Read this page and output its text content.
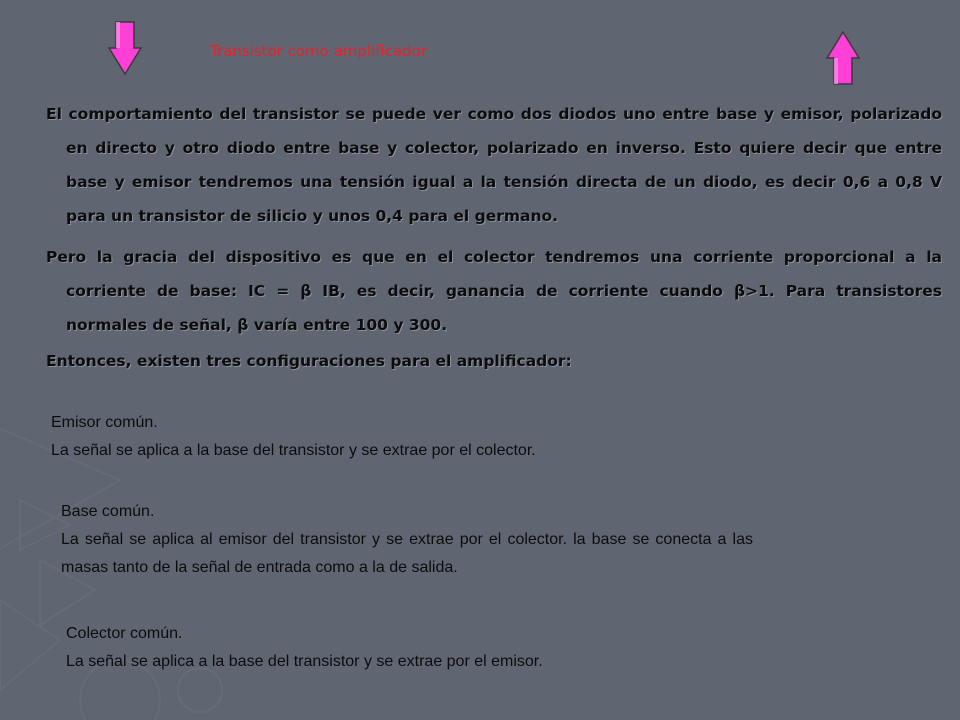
Transistor como amplificador
El comportamiento del transistor se puede ver como dos diodos uno entre base y emisor, polarizado en directo y otro diodo entre base y colector, polarizado en inverso. Esto quiere decir que entre base y emisor tendremos una tensión igual a la tensión directa de un diodo, es decir 0,6 a 0,8 V para un transistor de silicio y unos 0,4 para el germano.
Pero la gracia del dispositivo es que en el colector tendremos una corriente proporcional a la corriente de base: IC = β IB, es decir, ganancia de corriente cuando β>1. Para transistores normales de señal, β varía entre 100 y 300.
Entonces, existen tres configuraciones para el amplificador:
Emisor común.
La señal se aplica a la base del transistor y se extrae por el colector.
Base común.
La señal se aplica al emisor del transistor y se extrae por el colector. la base se conecta a las masas tanto de la señal de entrada como a la de salida.
Colector común.
La señal se aplica a la base del transistor y se extrae por el emisor.
